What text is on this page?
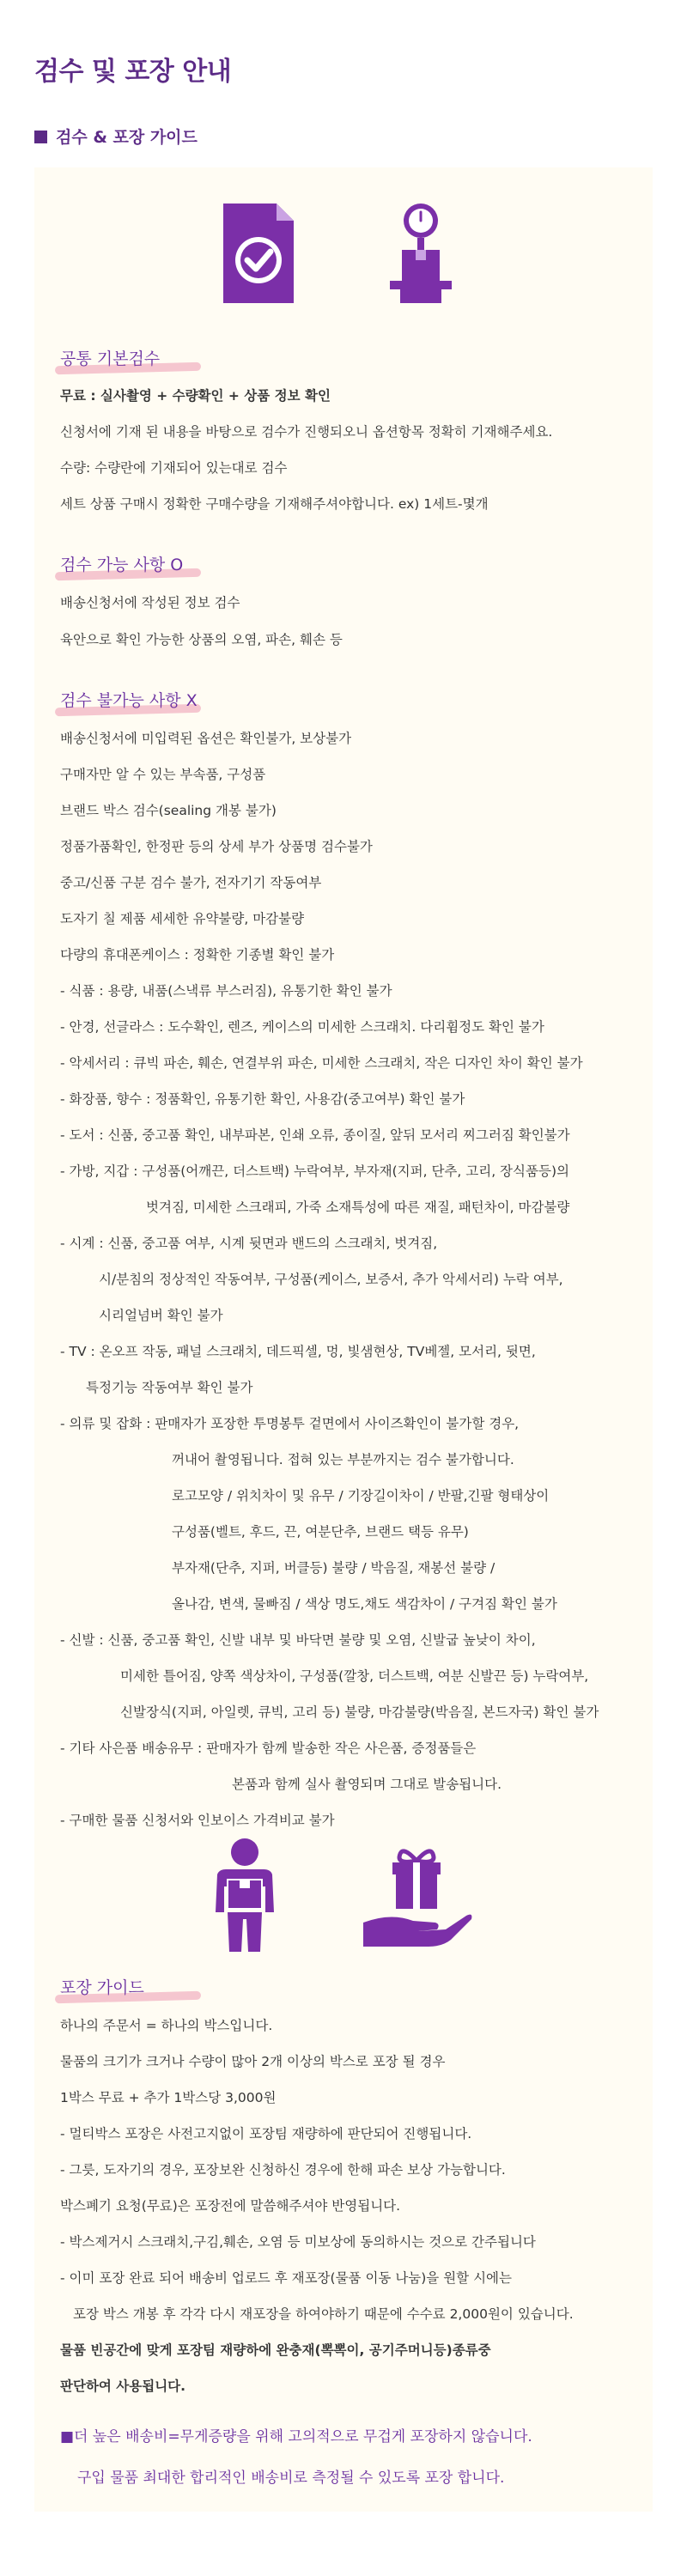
검수 및 포장 안내
검수 & 포장 가이드
공통 기본검수
무료 : 실사촬영 + 수량확인 + 상품 정보 확인
신청서에 기재 된 내용을 바탕으로 검수가 진행되오니 옵션항목 정확히 기재해주세요.
수량: 수량란에 기재되어 있는대로 검수
세트 상품 구매시 정확한 구매수량을 기재해주셔야합니다. ex) 1세트-몇개
검수 가능 사항 O
배송신청서에 작성된 정보 검수
육안으로 확인 가능한 상품의 오염, 파손, 훼손 등
검수 불가능 사항 X
배송신청서에 미입력된 옵션은 확인불가, 보상불가
구매자만 알 수 있는 부속품, 구성품
브랜드 박스 검수(sealing 개봉 불가)
정품가품확인, 한정판 등의 상세 부가 상품명 검수불가
중고/신품 구분 검수 불가, 전자기기 작동여부
도자기 칠 제품 세세한 유약불량, 마감불량
다량의 휴대폰케이스 : 정확한 기종별 확인 불가
- 식품 : 용량, 내품(스낵류 부스러짐), 유통기한 확인 불가
- 안경, 선글라스 : 도수확인, 렌즈, 케이스의 미세한 스크래치. 다리휨정도 확인 불가
- 악세서리 : 큐빅 파손, 훼손, 연결부위 파손, 미세한 스크래치, 작은 디자인 차이 확인 불가
- 화장품, 향수 : 정품확인, 유통기한 확인, 사용감(중고여부) 확인 불가
- 도서 : 신품, 중고품 확인, 내부파본, 인쇄 오류, 종이질, 앞뒤 모서리 찌그러짐 확인불가
- 가방, 지갑 : 구성품(어깨끈, 더스트백) 누락여부, 부자재(지퍼, 단추, 고리, 장식품등)의
벗겨짐, 미세한 스크래피, 가죽 소재특성에 따른 재질, 패턴차이, 마감불량
- 시계 : 신품, 중고품 여부, 시계 뒷면과 밴드의 스크래치, 벗겨짐,
시/분침의 정상적인 작동여부, 구성품(케이스, 보증서, 추가 악세서리) 누락 여부,
시리얼넘버 확인 불가
- TV : 온오프 작동, 패널 스크래치, 데드픽셀, 멍, 빛샘현상, TV베젤, 모서리, 뒷면,
특정기능 작동여부 확인 불가
- 의류 및 잡화 : 판매자가 포장한 투명봉투 겉면에서 사이즈확인이 불가할 경우,
꺼내어 촬영됩니다. 접혀 있는 부분까지는 검수 불가합니다.
로고모양 / 위치차이 및 유무 / 기장길이차이 / 반팔,긴팔 형태상이
구성품(벨트, 후드, 끈, 여분단추, 브랜드 택등 유무)
부자재(단추, 지퍼, 버클등) 불량 / 박음질, 재봉선 불량 /
올나감, 변색, 물빠짐 / 색상 명도,채도 색감차이 / 구겨짐 확인 불가
- 신발 : 신품, 중고품 확인, 신발 내부 및 바닥면 불량 및 오염, 신발굽 높낮이 차이,
미세한 틀어짐, 양쪽 색상차이, 구성품(깔창, 더스트백, 여분 신발끈 등) 누락여부,
신발장식(지퍼, 아일렛, 큐빅, 고리 등) 불량, 마감불량(박음질, 본드자국) 확인 불가
- 기타 사은품 배송유무 : 판매자가 함께 발송한 작은 사은품, 증정품들은
본품과 함께 실사 촬영되며 그대로 발송됩니다.
- 구매한 물품 신청서와 인보이스 가격비교 불가
포장 가이드
하나의 주문서 = 하나의 박스입니다.
물품의 크기가 크거나 수량이 많아 2개 이상의 박스로 포장 될 경우
1박스 무료 + 추가 1박스당 3,000원
- 멀티박스 포장은 사전고지없이 포장팀 재량하에 판단되어 진행됩니다.
- 그릇, 도자기의 경우, 포장보완 신청하신 경우에 한해 파손 보상 가능합니다.
박스폐기 요청(무료)은 포장전에 말씀해주셔야 반영됩니다.
- 박스제거시 스크래치,구김,훼손, 오염 등 미보상에 동의하시는 것으로 간주됩니다
- 이미 포장 완료 되어 배송비 업로드 후 재포장(물품 이동 나눔)을 원할 시에는
포장 박스 개봉 후 각각 다시 재포장을 하여야하기 때문에 수수료 2,000원이 있습니다.
물품 빈공간에 맞게 포장팀 재량하에 완충재(뽁뽁이, 공기주머니등)종류중
판단하여 사용됩니다.
■더 높은 배송비=무게증량을 위해 고의적으로 무겁게 포장하지 않습니다.
구입 물품 최대한 합리적인 배송비로 측정될 수 있도록 포장 합니다.
